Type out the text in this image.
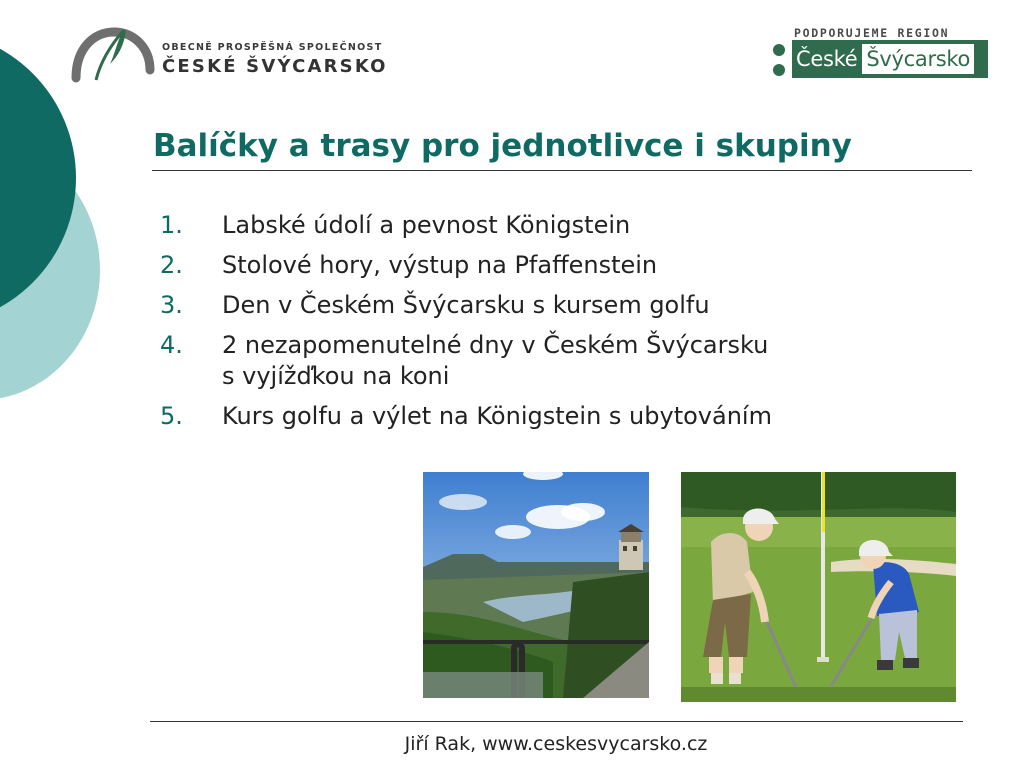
OBECNĚ PROSPĚŠNÁ SPOLEČNOST
ČESKÉ ŠVÝCARSKO
PODPORUJEME REGION
České Švýcarsko
Balíčky a trasy pro jednotlivce i skupiny
1. Labské údolí a pevnost Königstein
2. Stolové hory, výstup na Pfaffenstein
3. Den v Českém Švýcarsku s kursem golfu
4. 2 nezapomenutelné dny v Českém Švýcarsku
s vyjížďkou na koni
5. Kurs golfu a výlet na Königstein s ubytováním
Jiří Rak, www.ceskesvycarsko.cz
